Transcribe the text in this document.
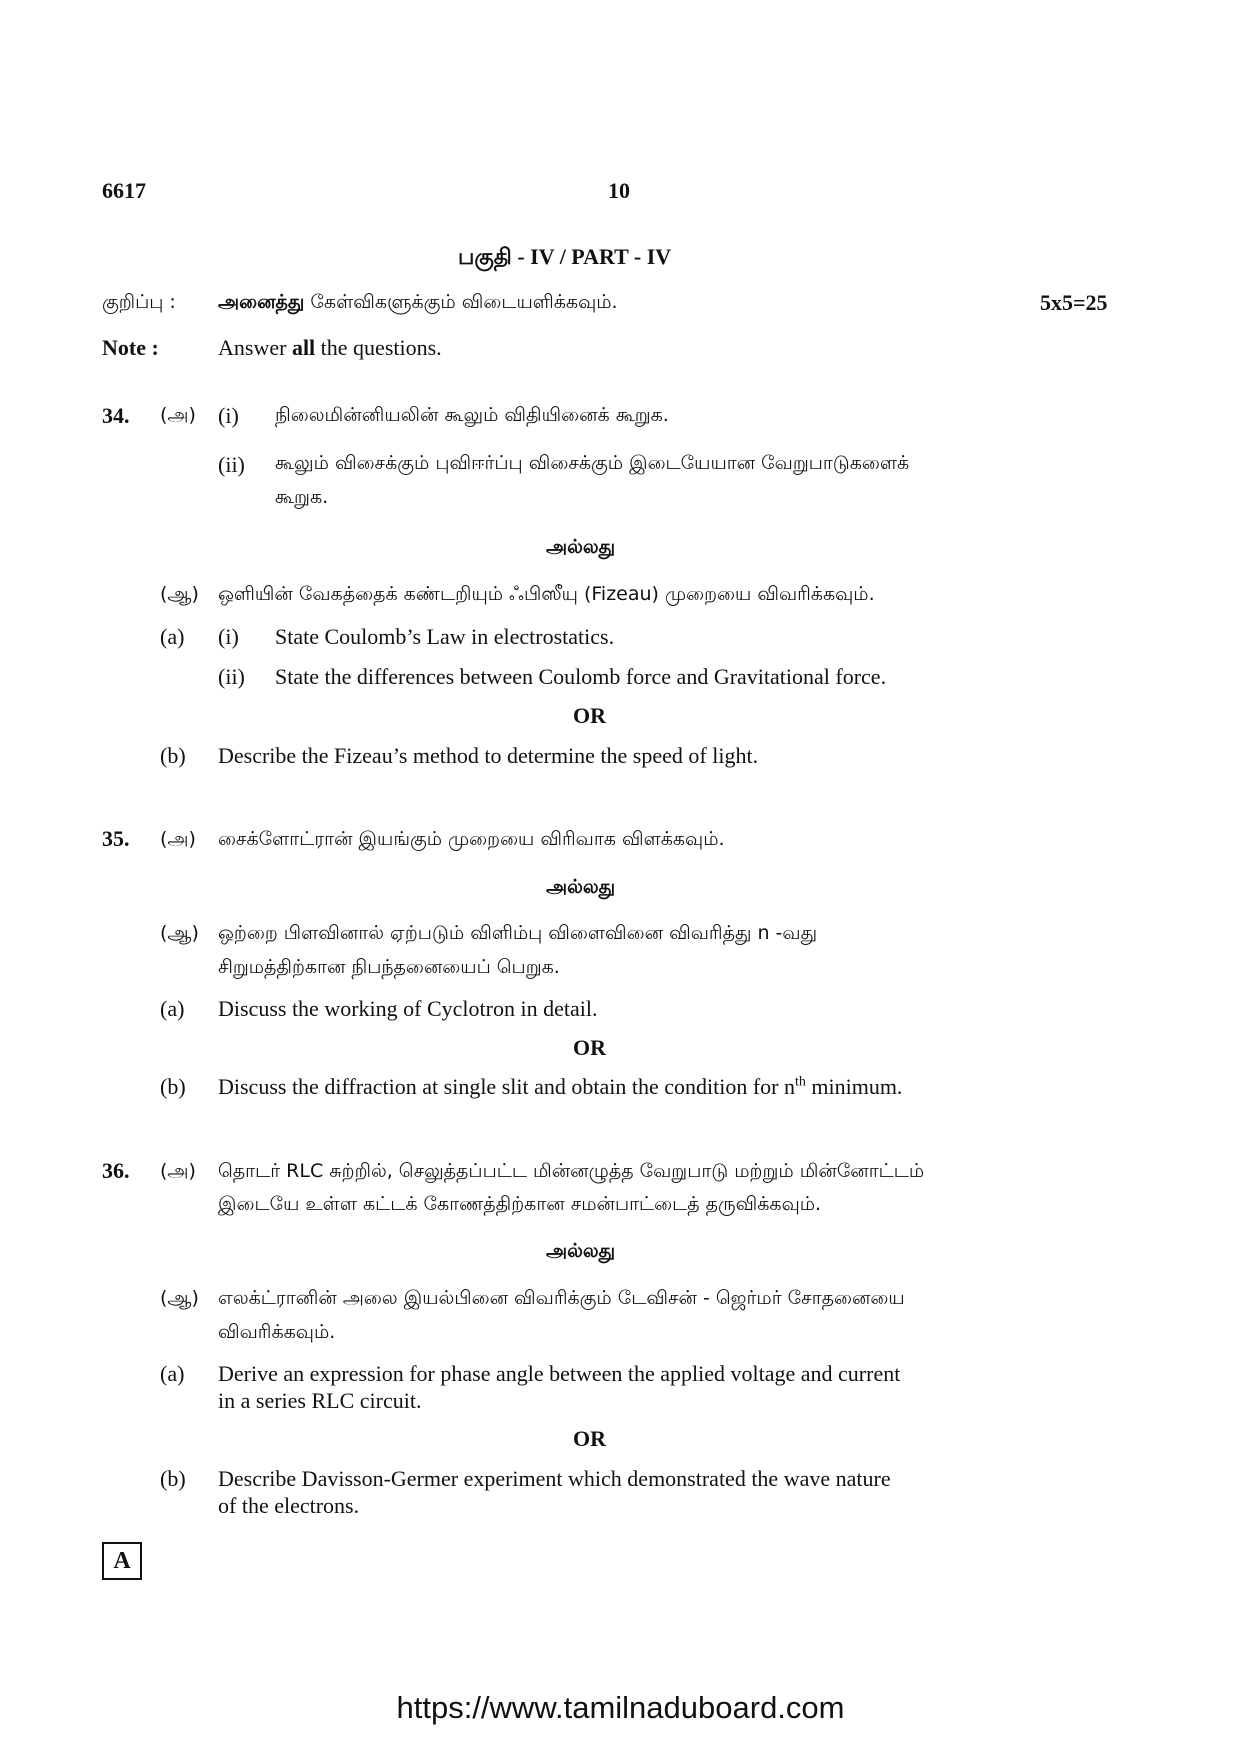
6617	10
பகுதி - IV / PART - IV
குறிப்பு : அனைத்து கேள்விகளுக்கும் விடையளிக்கவும்.	5x5=25
Note :	Answer all the questions.
34. (அ) (i) நிலைமின்னியலின் கூலும் விதியினைக் கூறுக.
(ii) கூலும் விசைக்கும் புவிஈர்ப்பு விசைக்கும் இடையேயான வேறுபாடுகளைக்
கூறுக.
அல்லது
(ஆ) ஒளியின் வேகத்தைக் கண்டறியும் ஃபிஸீயு (Fizeau) முறையை விவரிக்கவும்.
(a) (i) State Coulomb’s Law in electrostatics.
(ii) State the differences between Coulomb force and Gravitational force.
OR
(b) Describe the Fizeau’s method to determine the speed of light.
35. (அ) சைக்ளோட்ரான் இயங்கும் முறையை விரிவாக விளக்கவும்.
அல்லது
(ஆ) ஒற்றை பிளவினால் ஏற்படும் விளிம்பு விளைவினை விவரித்து n -வது
சிறுமத்திற்கான நிபந்தனையைப் பெறுக.
(a) Discuss the working of Cyclotron in detail.
OR
(b) Discuss the diffraction at single slit and obtain the condition for $n^{th}$ minimum.
36. (அ) தொடர் RLC சுற்றில், செலுத்தப்பட்ட மின்னழுத்த வேறுபாடு மற்றும் மின்னோட்டம்
இடையே உள்ள கட்டக் கோணத்திற்கான சமன்பாட்டைத் தருவிக்கவும்.
அல்லது
(ஆ) எலக்ட்ரானின் அலை இயல்பினை விவரிக்கும் டேவிசன் - ஜெர்மர் சோதனையை
விவரிக்கவும்.
(a) Derive an expression for phase angle between the applied voltage and current
in a series RLC circuit.
OR
(b) Describe Davisson-Germer experiment which demonstrated the wave nature
of the electrons.
A
https://www.tamilnaduboard.com
